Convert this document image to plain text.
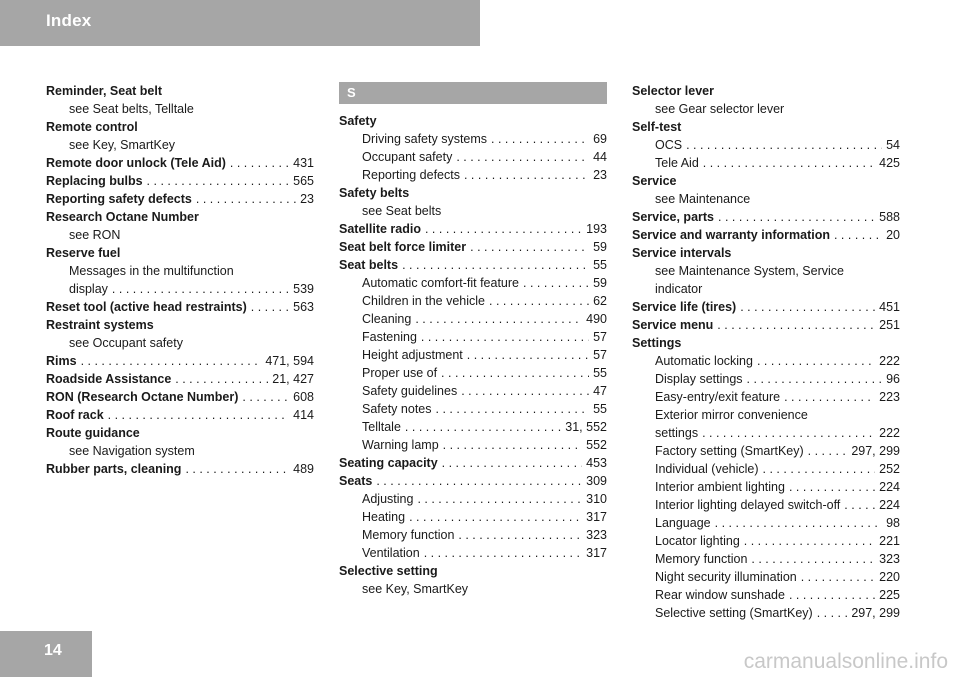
Index
Reminder, Seat belt
see Seat belts, Telltale
Remote control
see Key, SmartKey
Remote door unlock (Tele Aid) . . .	431
Replacing bulbs . . .	565
Reporting safety defects . . .	23
Research Octane Number
see RON
Reserve fuel
Messages in the multifunction
display . . .	539
Reset tool (active head restraints) . . .	563
Restraint systems
see Occupant safety
Rims . . .	471, 594
Roadside Assistance . . .	21, 427
RON (Research Octane Number) . . .	608
Roof rack . . .	414
Route guidance
see Navigation system
Rubber parts, cleaning . . .	489
S
Safety
Driving safety systems . . .	69
Occupant safety . . .	44
Reporting defects . . .	23
Safety belts
see Seat belts
Satellite radio . . .	193
Seat belt force limiter . . .	59
Seat belts . . .	55
Automatic comfort-fit feature . . .	59
Children in the vehicle . . .	62
Cleaning . . .	490
Fastening . . .	57
Height adjustment . . .	57
Proper use of . . .	55
Safety guidelines . . .	47
Safety notes . . .	55
Telltale . . .	31, 552
Warning lamp . . .	552
Seating capacity . . .	453
Seats . . .	309
Adjusting . . .	310
Heating . . .	317
Memory function . . .	323
Ventilation . . .	317
Selective setting
see Key, SmartKey
Selector lever
see Gear selector lever
Self-test
OCS . . .	54
Tele Aid . . .	425
Service
see Maintenance
Service, parts . . .	588
Service and warranty information . . .	20
Service intervals
see Maintenance System, Service
indicator
Service life (tires) . . .	451
Service menu . . .	251
Settings
Automatic locking . . .	222
Display settings . . .	96
Easy-entry/exit feature . . .	223
Exterior mirror convenience
settings . . .	222
Factory setting (SmartKey) . . .	297, 299
Individual (vehicle) . . .	252
Interior ambient lighting . . .	224
Interior lighting delayed switch-off . . .	224
Language . . .	98
Locator lighting . . .	221
Memory function . . .	323
Night security illumination . . .	220
Rear window sunshade . . .	225
Selective setting (SmartKey) . . .	297, 299
14	carmanualsonline.info
